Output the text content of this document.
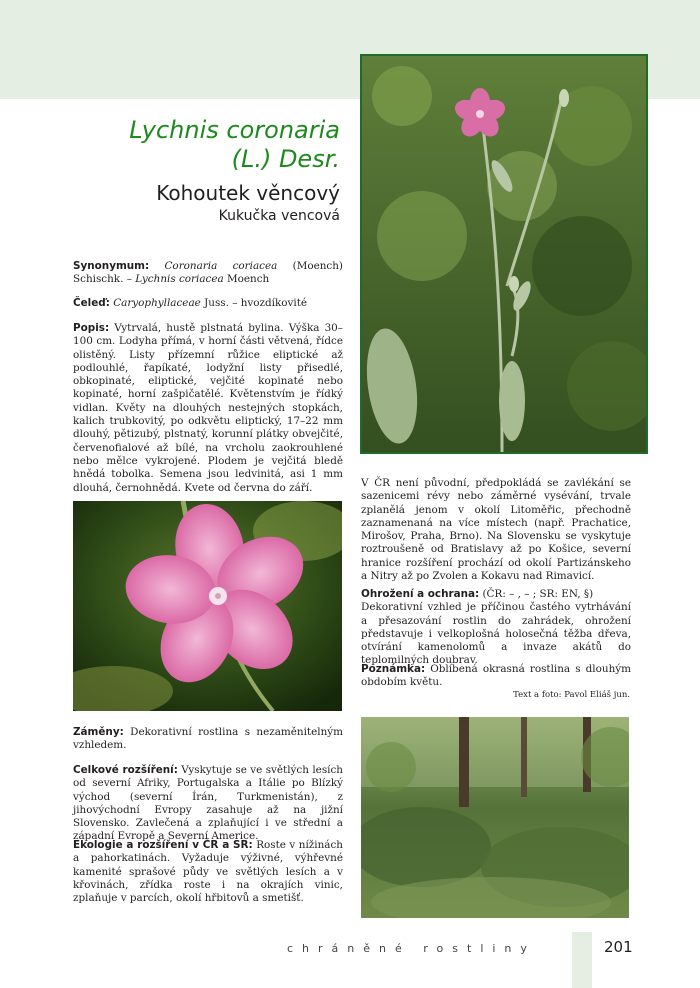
Lychnis coronaria
(L.) Desr.
Kohoutek věncový
Kukučka vencová

Synonymum: Coronaria coriacea (Moench) Schischk. – Lychnis coriacea Moench

Čeleď: Caryophyllaceae Juss. – hvozdíkovité

Popis: Vytrvalá, hustě plstnatá bylina. Výška 30–100 cm. Lodyha přímá, v horní části větvená, řídce olistěný. Listy přízemní růžice eliptické až podlouhlé, řapíkaté, lodyžní listy přisedlé, obkopinaté, eliptické, vejčité kopinaté nebo kopinaté, horní zašpičatělé. Květenstvím je řídký vidlan. Květy na dlouhých nestejných stopkách, kalich trubkovitý, po odkvětu eliptický, 17–22 mm dlouhý, pětizubý, plstnatý, korunní plátky obvejčité, červenofialové až bílé, na vrcholu zaokrouhlené nebo mělce vykrojené. Plodem je vejčitá bledě hnědá tobolka. Semena jsou ledvinitá, asi 1 mm dlouhá, černohnědá. Kvete od června do září.

Záměny: Dekorativní rostlina s nezaměnitelným vzhledem.

Celkové rozšíření: Vyskytuje se ve světlých lesích od severní Afriky, Portugalska a Itálie po Blízký východ (severní Írán, Turkmenistán), z jihovýchodní Evropy zasahuje až na jižní Slovensko. Zavlečená a zplaňující i ve střední a západní Evropě a Severní Americe.

Ekologie a rozšíření v ČR a SR: Roste v nížinách a pahorkatinách. Vyžaduje výživné, výhřevné kamenité sprašové půdy ve světlých lesích a v křovinách, zřídka roste i na okrajích vinic, zplaňuje v parcích, okolí hřbitovů a smetišť.

V ČR není původní, předpokládá se zavlékání se sazenicemi révy nebo záměrné vysévání, trvale zplanělá jenom v okolí Litoměřic, přechodně zaznamenaná na více místech (např. Prachatice, Mirošov, Praha, Brno). Na Slovensku se vyskytuje roztroušeně od Bratislavy až po Košice, severní hranice rozšíření prochází od okolí Partizánskeho a Nitry až po Zvolen a Kokavu nad Rimavicí.

Ohrožení a ochrana: (ČR: – , – ; SR: EN, §)
Dekorativní vzhled je příčinou častého vytrhávání a přesazování rostlin do zahrádek, ohrožení představuje i velkoplošná holosečná těžba dřeva, otvírání kamenolomů a invaze akátů do teplomilných doubrav.

Poznámka: Oblíbená okrasná rostlina s dlouhým obdobím květu.

Text a foto: Pavol Eliáš jun.
chráněné rostliny	201
